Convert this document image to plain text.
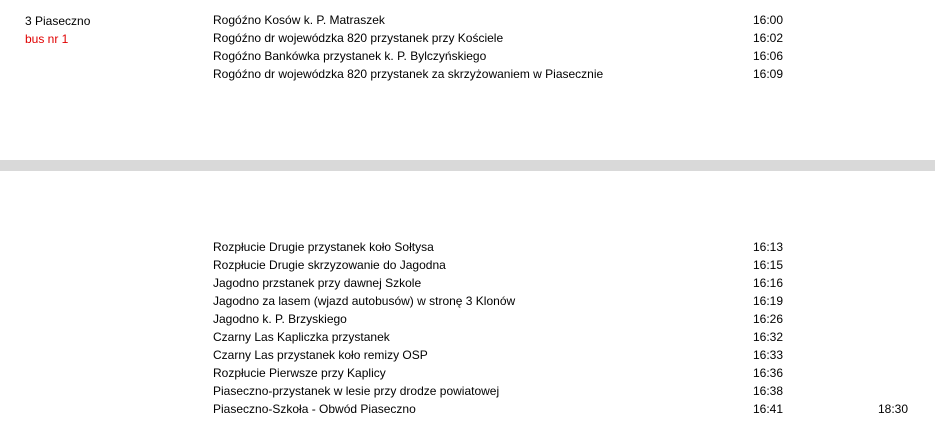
3 Piaseczno
bus nr 1
Rogóźno Kosów k. P. Matraszek	16:00
Rogóźno dr wojewódzka 820 przystanek przy Kościele	16:02
Rogóźno Bankówka przystanek k. P. Bylczyńskiego	16:06
Rogóźno dr wojewódzka 820 przystanek za skrzyżowaniem w Piasecznie	16:09
Rozpłucie Drugie przystanek koło Sołtysa	16:13
Rozpłucie Drugie skrzyzowanie do Jagodna	16:15
Jagodno przstanek przy dawnej Szkole	16:16
Jagodno za lasem (wjazd autobusów) w stronę 3 Klonów	16:19
Jagodno k. P. Brzyskiego	16:26
Czarny Las Kapliczka przystanek	16:32
Czarny Las przystanek koło remizy OSP	16:33
Rozpłucie Pierwsze przy Kaplicy	16:36
Piaseczno-przystanek w lesie przy drodze powiatowej	16:38
Piaseczno-Szkoła - Obwód Piaseczno	16:41	18:30
